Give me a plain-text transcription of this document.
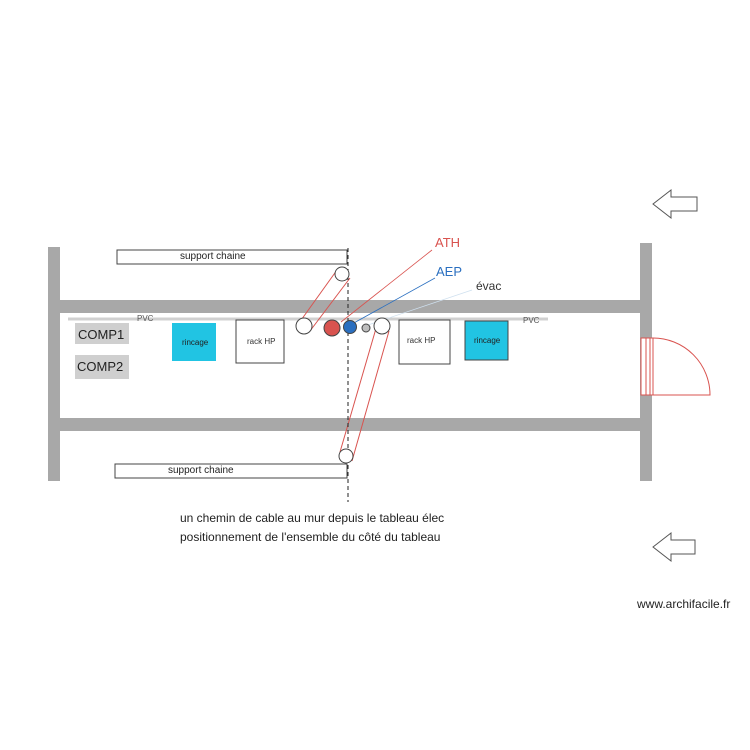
PVC	PVC
support chaine
support chaine
COMP1
COMP2
rincage	rack HP	rack HP	rincage
ATH
AEP
évac
un chemin de cable au mur depuis le tableau élec
positionnement de l'ensemble du côté du tableau
www.archifacile.fr
